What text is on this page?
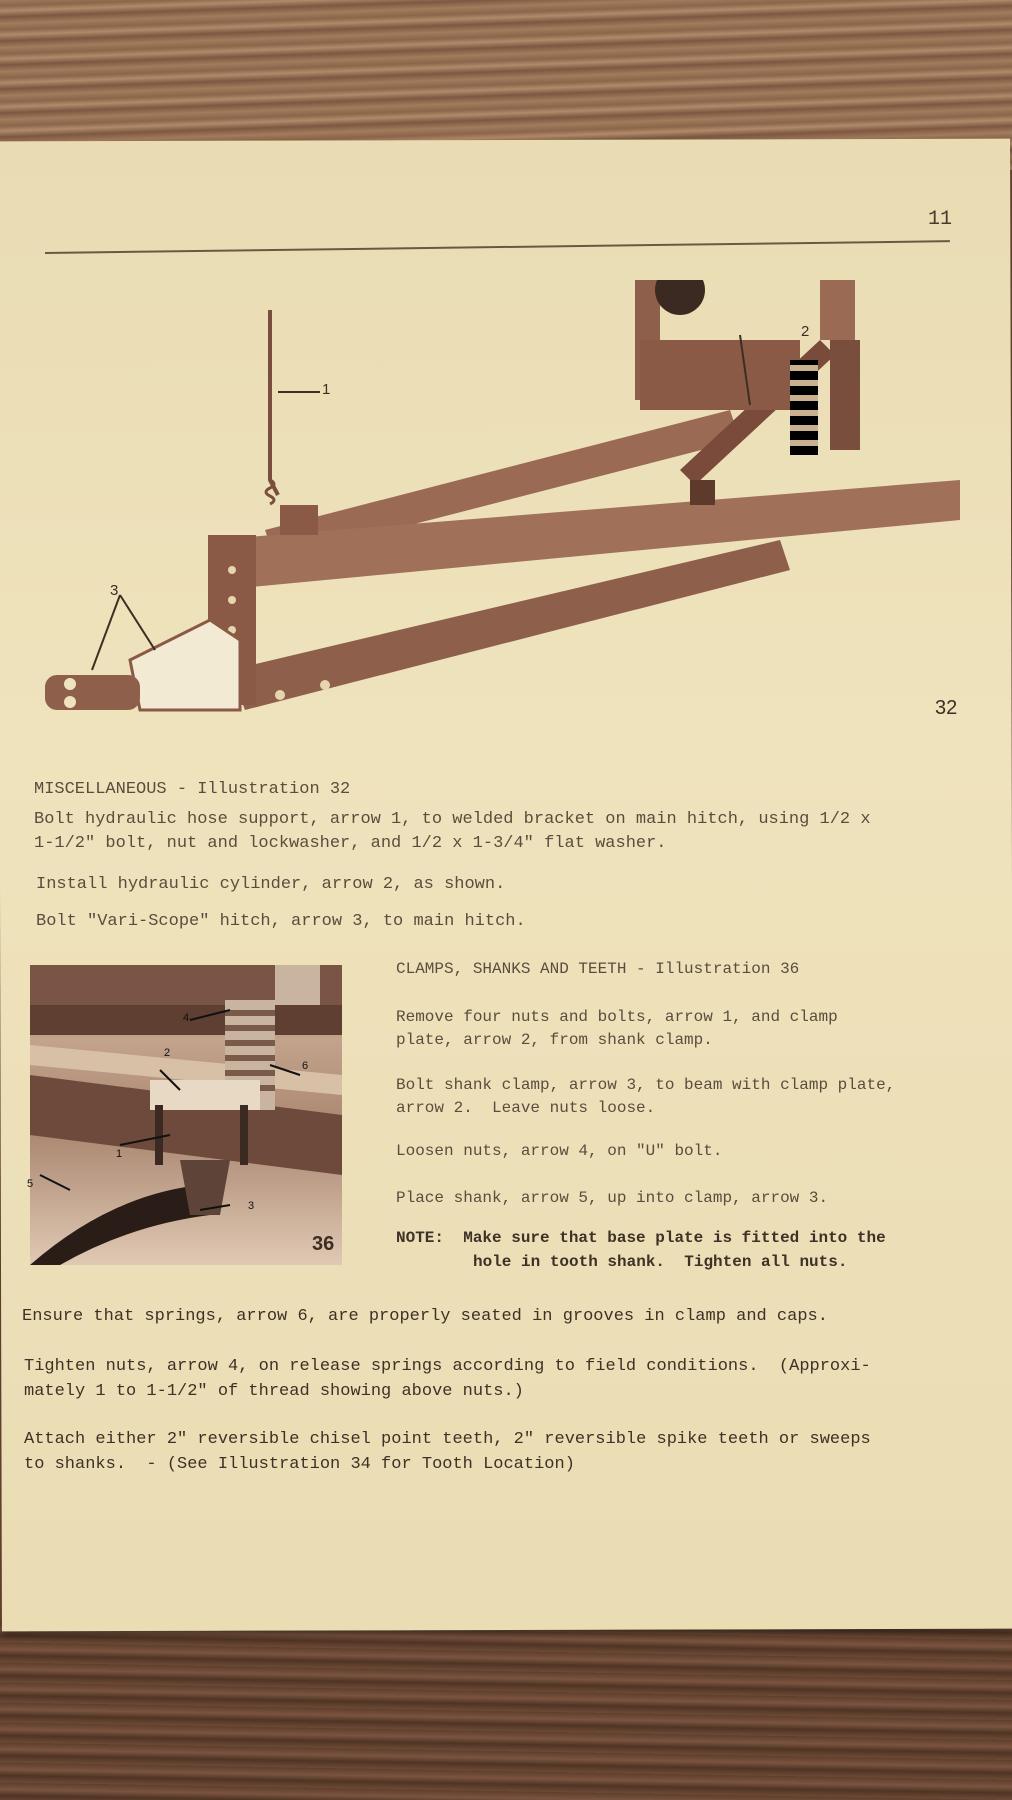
11
1
2
3
32
MISCELLANEOUS - Illustration 32
Bolt hydraulic hose support, arrow 1, to welded bracket on main hitch, using 1/2 x
1-1/2" bolt, nut and lockwasher, and 1/2 x 1-3/4" flat washer.
Install hydraulic cylinder, arrow 2, as shown.
Bolt "Vari-Scope" hitch, arrow 3, to main hitch.
5
1
2
3
4
6
36
CLAMPS, SHANKS AND TEETH - Illustration 36
Remove four nuts and bolts, arrow 1, and clamp
plate, arrow 2, from shank clamp.
Bolt shank clamp, arrow 3, to beam with clamp plate,
arrow 2.  Leave nuts loose.
Loosen nuts, arrow 4, on "U" bolt.
Place shank, arrow 5, up into clamp, arrow 3.
NOTE:  Make sure that base plate is fitted into the
hole in tooth shank.  Tighten all nuts.
Ensure that springs, arrow 6, are properly seated in grooves in clamp and caps.
Tighten nuts, arrow 4, on release springs according to field conditions.  (Approxi-
mately 1 to 1-1/2" of thread showing above nuts.)
Attach either 2" reversible chisel point teeth, 2" reversible spike teeth or sweeps
to shanks.  - (See Illustration 34 for Tooth Location)
